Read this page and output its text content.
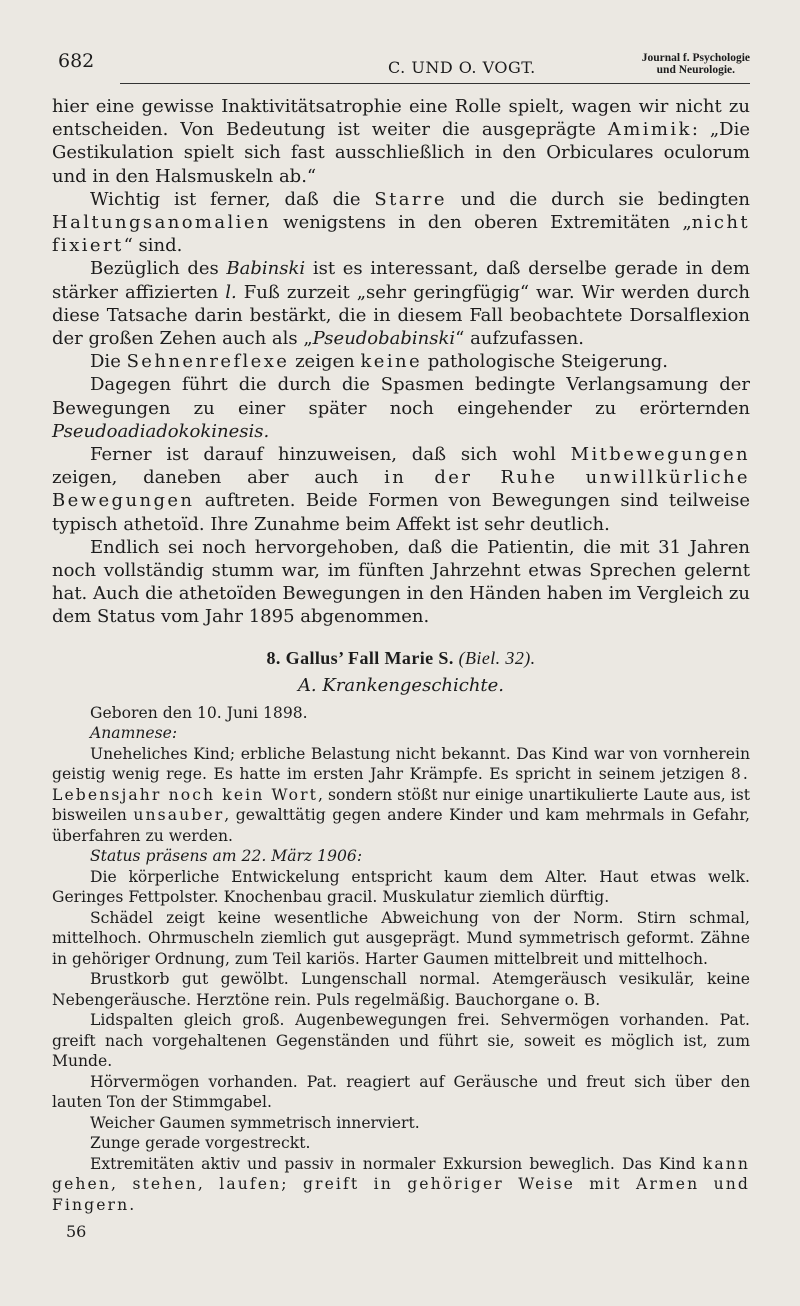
682	C. UND O. VOGT.	Journal f. Psychologie
und Neurologie.

hier eine gewisse Inaktivitätsatrophie eine Rolle spielt, wagen wir nicht zu entscheiden. Von Bedeutung ist weiter die ausgeprägte Amimik: „Die Gestikulation spielt sich fast ausschließlich in den Orbiculares oculorum und in den Halsmuskeln ab.“

Wichtig ist ferner, daß die Starre und die durch sie bedingten Haltungsanomalien wenigstens in den oberen Extremitäten „nicht fixiert“ sind.

Bezüglich des Babinski ist es interessant, daß derselbe gerade in dem stärker affizierten l. Fuß zurzeit „sehr geringfügig“ war. Wir werden durch diese Tatsache darin bestärkt, die in diesem Fall beobachtete Dorsalflexion der großen Zehen auch als „Pseudobabinski“ aufzufassen.

Die Sehnenreflexe zeigen keine pathologische Steigerung.

Dagegen führt die durch die Spasmen bedingte Verlangsamung der Bewegungen zu einer später noch eingehender zu erörternden Pseudoadiadokokinesis.

Ferner ist darauf hinzuweisen, daß sich wohl Mitbewegungen zeigen, daneben aber auch in der Ruhe unwillkürliche Bewegungen auftreten. Beide Formen von Bewegungen sind teilweise typisch athetoïd. Ihre Zunahme beim Affekt ist sehr deutlich.

Endlich sei noch hervorgehoben, daß die Patientin, die mit 31 Jahren noch vollständig stumm war, im fünften Jahrzehnt etwas Sprechen gelernt hat. Auch die athetoïden Bewegungen in den Händen haben im Vergleich zu dem Status vom Jahr 1895 abgenommen.

8. Gallus’ Fall Marie S. (Biel. 32).
A. Krankengeschichte.

Geboren den 10. Juni 1898.

Anamnese:

Uneheliches Kind; erbliche Belastung nicht bekannt. Das Kind war von vornherein geistig wenig rege. Es hatte im ersten Jahr Krämpfe. Es spricht in seinem jetzigen 8. Lebensjahr noch kein Wort, sondern stößt nur einige unartikulierte Laute aus, ist bisweilen unsauber, gewalttätig gegen andere Kinder und kam mehrmals in Gefahr, überfahren zu werden.

Status präsens am 22. März 1906:

Die körperliche Entwickelung entspricht kaum dem Alter. Haut etwas welk. Geringes Fettpolster. Knochenbau gracil. Muskulatur ziemlich dürftig.

Schädel zeigt keine wesentliche Abweichung von der Norm. Stirn schmal, mittelhoch. Ohrmuscheln ziemlich gut ausgeprägt. Mund symmetrisch geformt. Zähne in gehöriger Ordnung, zum Teil kariös. Harter Gaumen mittelbreit und mittelhoch.

Brustkorb gut gewölbt. Lungenschall normal. Atemgeräusch vesikulär, keine Nebengeräusche. Herztöne rein. Puls regelmäßig. Bauchorgane o. B.

Lidspalten gleich groß. Augenbewegungen frei. Sehvermögen vorhanden. Pat. greift nach vorgehaltenen Gegenständen und führt sie, soweit es möglich ist, zum Munde.

Hörvermögen vorhanden. Pat. reagiert auf Geräusche und freut sich über den lauten Ton der Stimmgabel.

Weicher Gaumen symmetrisch innerviert.

Zunge gerade vorgestreckt.

Extremitäten aktiv und passiv in normaler Exkursion beweglich. Das Kind kann gehen, stehen, laufen; greift in gehöriger Weise mit Armen und Fingern.

56
